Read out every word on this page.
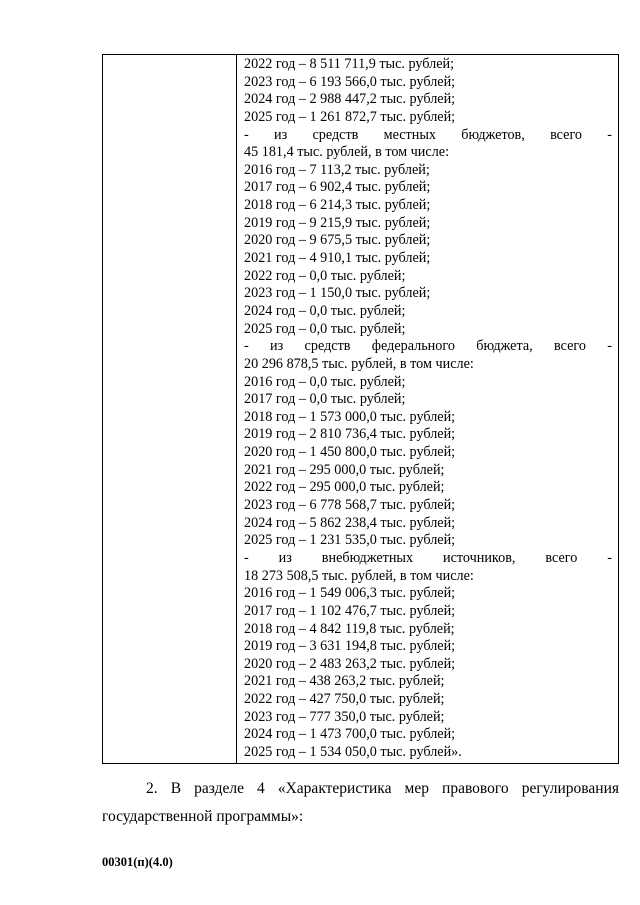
2022 год – 8 511 711,9 тыс. рублей;
2023 год – 6 193 566,0 тыс. рублей;
2024 год – 2 988 447,2 тыс. рублей;
2025 год – 1 261 872,7 тыс. рублей;
- из средств местных бюджетов, всего -
45 181,4 тыс. рублей, в том числе:
2016 год – 7 113,2 тыс. рублей;
2017 год – 6 902,4 тыс. рублей;
2018 год – 6 214,3 тыс. рублей;
2019 год – 9 215,9 тыс. рублей;
2020 год – 9 675,5 тыс. рублей;
2021 год – 4 910,1 тыс. рублей;
2022 год – 0,0 тыс. рублей;
2023 год – 1 150,0 тыс. рублей;
2024 год – 0,0 тыс. рублей;
2025 год – 0,0 тыс. рублей;
- из средств федерального бюджета, всего -
20 296 878,5 тыс. рублей, в том числе:
2016 год – 0,0 тыс. рублей;
2017 год – 0,0 тыс. рублей;
2018 год – 1 573 000,0 тыс. рублей;
2019 год – 2 810 736,4 тыс. рублей;
2020 год – 1 450 800,0 тыс. рублей;
2021 год – 295 000,0 тыс. рублей;
2022 год – 295 000,0 тыс. рублей;
2023 год – 6 778 568,7 тыс. рублей;
2024 год – 5 862 238,4 тыс. рублей;
2025 год – 1 231 535,0 тыс. рублей;
- из внебюджетных источников, всего -
18 273 508,5 тыс. рублей, в том числе:
2016 год – 1 549 006,3 тыс. рублей;
2017 год – 1 102 476,7 тыс. рублей;
2018 год – 4 842 119,8 тыс. рублей;
2019 год – 3 631 194,8 тыс. рублей;
2020 год – 2 483 263,2 тыс. рублей;
2021 год – 438 263,2 тыс. рублей;
2022 год – 427 750,0 тыс. рублей;
2023 год – 777 350,0 тыс. рублей;
2024 год – 1 473 700,0 тыс. рублей;
2025 год – 1 534 050,0 тыс. рублей».
2. В разделе 4 «Характеристика мер правового регулирования
государственной программы»:
00301(п)(4.0)
